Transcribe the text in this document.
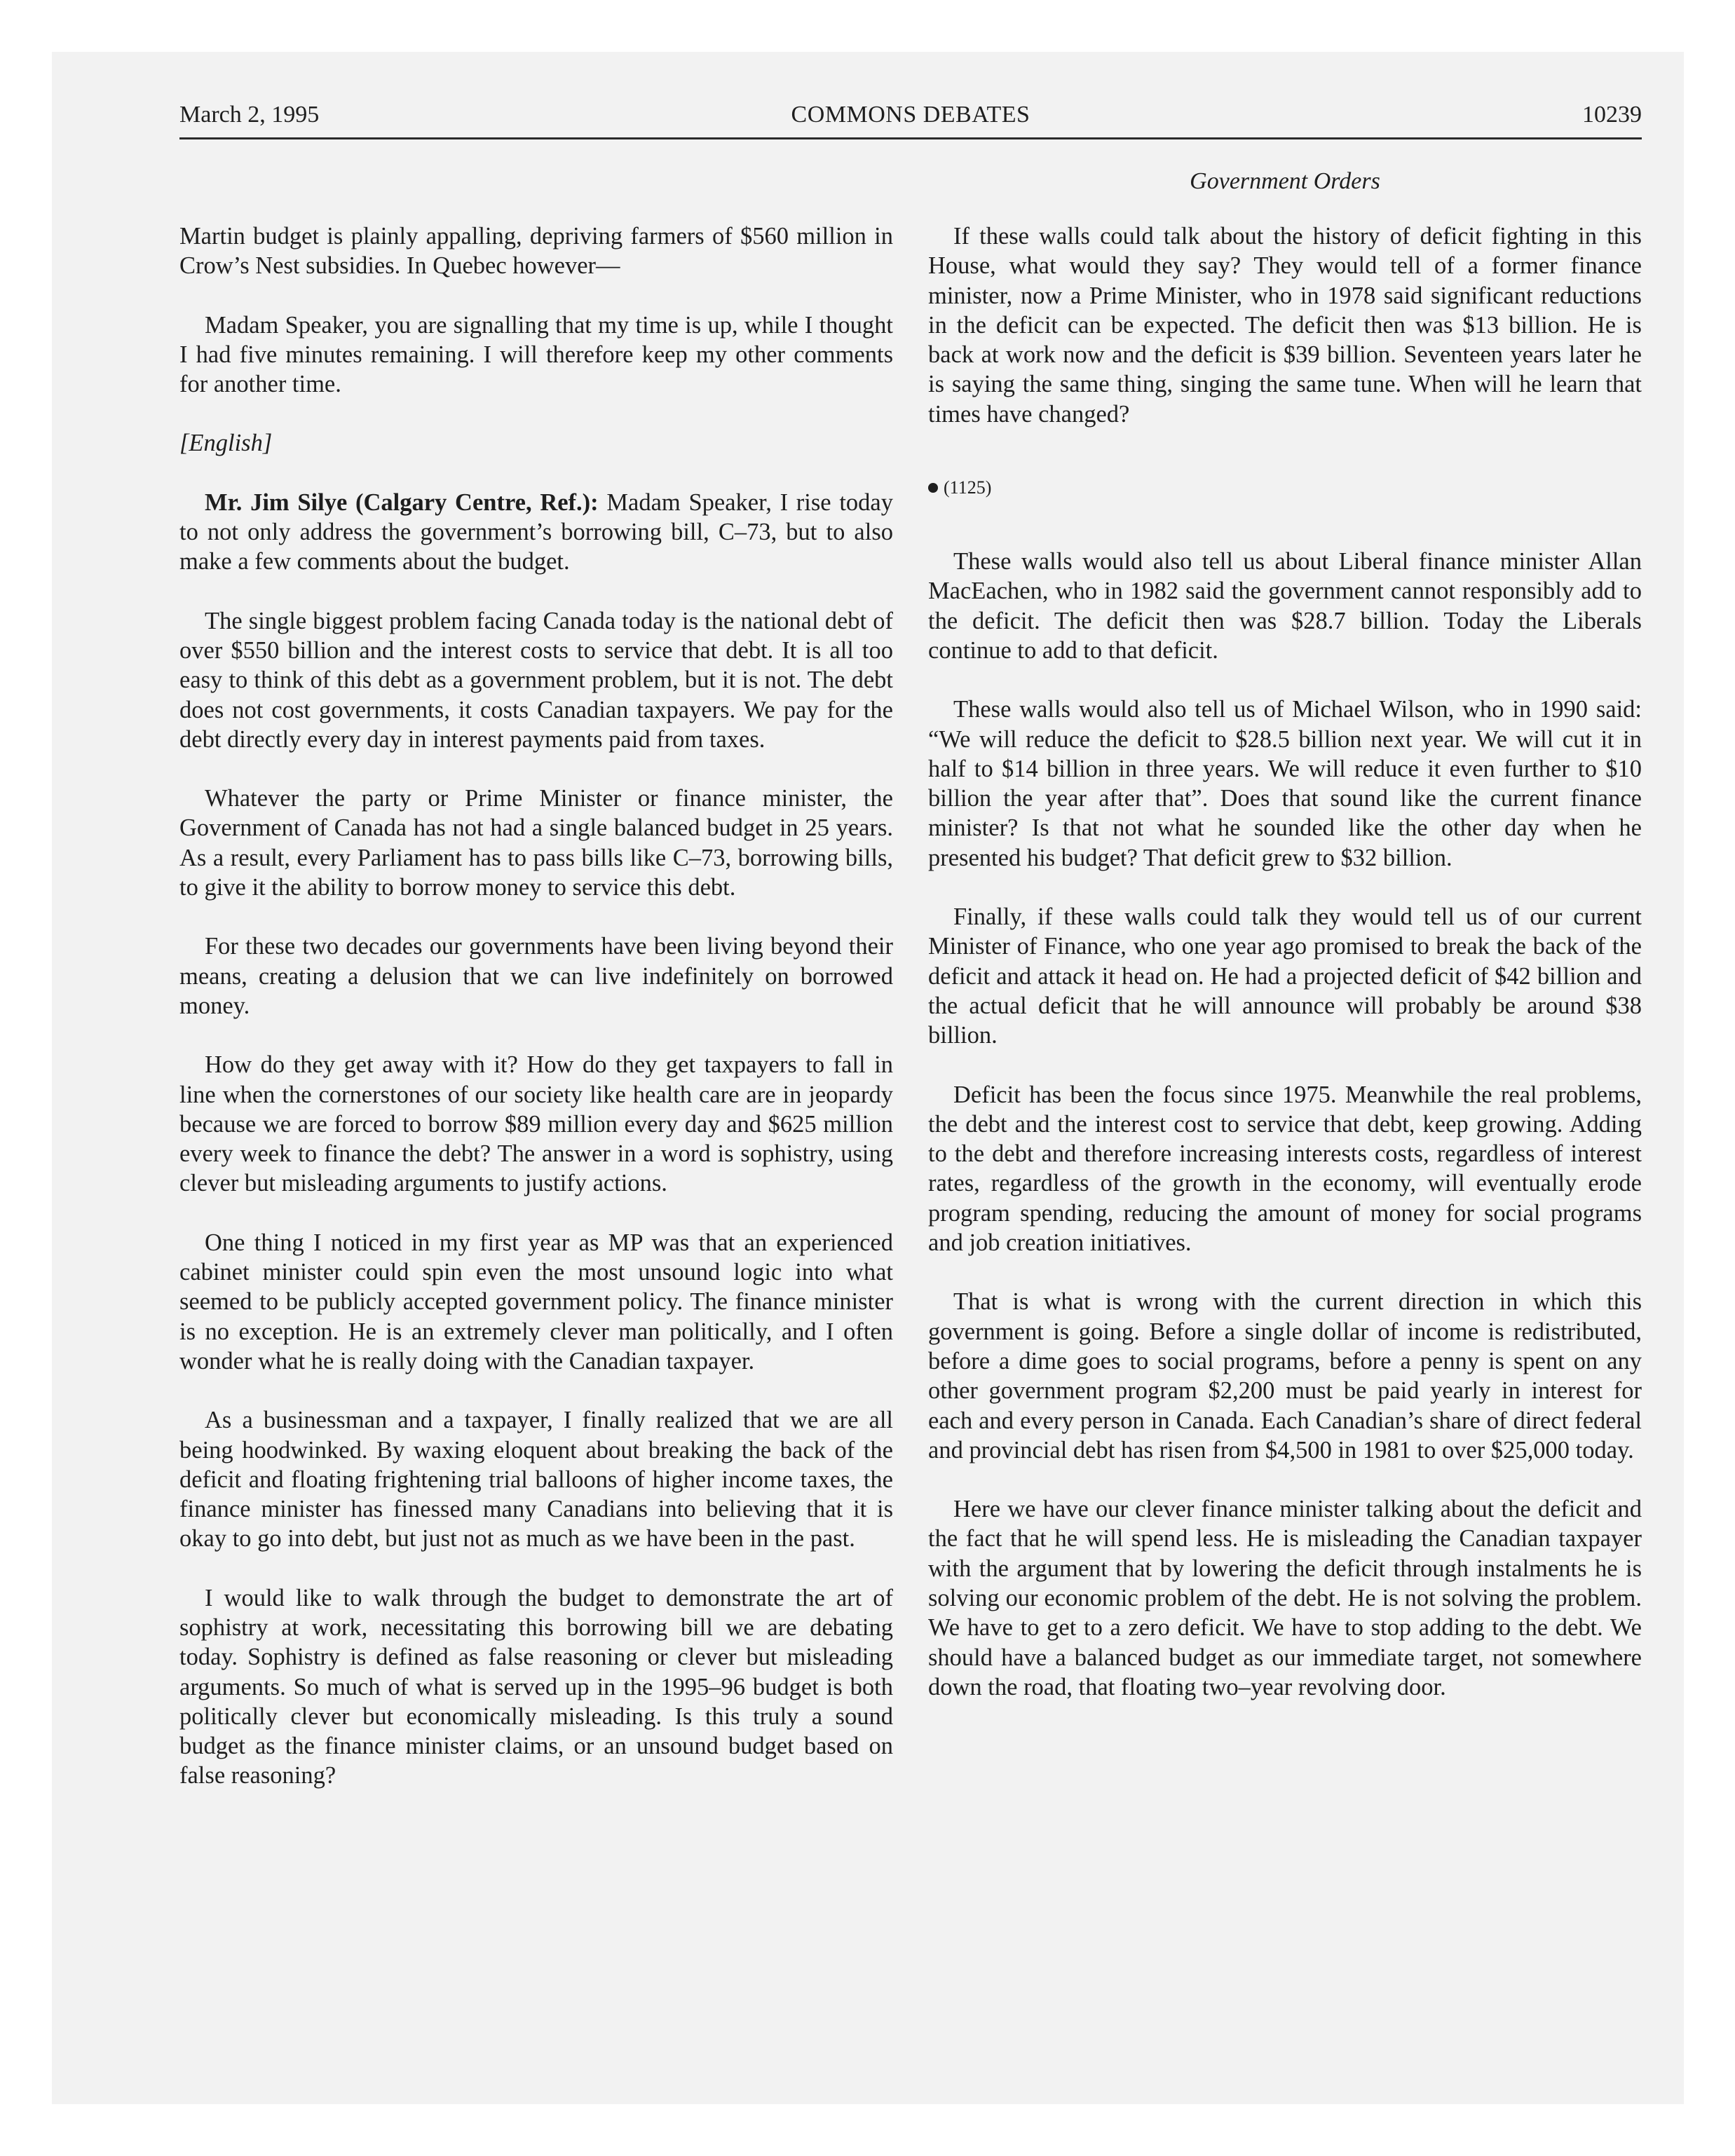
March 2, 1995	COMMONS DEBATES	10239
Government Orders

Martin budget is plainly appalling, depriving farmers of $560 million in Crow’s Nest subsidies. In Quebec however—

Madam Speaker, you are signalling that my time is up, while I thought I had five minutes remaining. I will therefore keep my other comments for another time.

[English]

Mr. Jim Silye (Calgary Centre, Ref.): Madam Speaker, I rise today to not only address the government’s borrowing bill, C–73, but to also make a few comments about the budget.

The single biggest problem facing Canada today is the national debt of over $550 billion and the interest costs to service that debt. It is all too easy to think of this debt as a government problem, but it is not. The debt does not cost governments, it costs Canadian taxpayers. We pay for the debt directly every day in interest payments paid from taxes.

Whatever the party or Prime Minister or finance minister, the Government of Canada has not had a single balanced budget in 25 years. As a result, every Parliament has to pass bills like C–73, borrowing bills, to give it the ability to borrow money to service this debt.

For these two decades our governments have been living beyond their means, creating a delusion that we can live indefinitely on borrowed money.

How do they get away with it? How do they get taxpayers to fall in line when the cornerstones of our society like health care are in jeopardy because we are forced to borrow $89 million every day and $625 million every week to finance the debt? The answer in a word is sophistry, using clever but misleading arguments to justify actions.

One thing I noticed in my first year as MP was that an experienced cabinet minister could spin even the most unsound logic into what seemed to be publicly accepted government policy. The finance minister is no exception. He is an extremely clever man politically, and I often wonder what he is really doing with the Canadian taxpayer.

As a businessman and a taxpayer, I finally realized that we are all being hoodwinked. By waxing eloquent about breaking the back of the deficit and floating frightening trial balloons of higher income taxes, the finance minister has finessed many Canadians into believing that it is okay to go into debt, but just not as much as we have been in the past.

I would like to walk through the budget to demonstrate the art of sophistry at work, necessitating this borrowing bill we are debating today. Sophistry is defined as false reasoning or clever but misleading arguments. So much of what is served up in the 1995–96 budget is both politically clever but economically misleading. Is this truly a sound budget as the finance minister claims, or an unsound budget based on false reasoning?

If these walls could talk about the history of deficit fighting in this House, what would they say? They would tell of a former finance minister, now a Prime Minister, who in 1978 said significant reductions in the deficit can be expected. The deficit then was $13 billion. He is back at work now and the deficit is $39 billion. Seventeen years later he is saying the same thing, singing the same tune. When will he learn that times have changed?

(1125)

These walls would also tell us about Liberal finance minister Allan MacEachen, who in 1982 said the government cannot responsibly add to the deficit. The deficit then was $28.7 billion. Today the Liberals continue to add to that deficit.

These walls would also tell us of Michael Wilson, who in 1990 said: “We will reduce the deficit to $28.5 billion next year. We will cut it in half to $14 billion in three years. We will reduce it even further to $10 billion the year after that”. Does that sound like the current finance minister? Is that not what he sounded like the other day when he presented his budget? That deficit grew to $32 billion.

Finally, if these walls could talk they would tell us of our current Minister of Finance, who one year ago promised to break the back of the deficit and attack it head on. He had a projected deficit of $42 billion and the actual deficit that he will announce will probably be around $38 billion.

Deficit has been the focus since 1975. Meanwhile the real problems, the debt and the interest cost to service that debt, keep growing. Adding to the debt and therefore increasing interests costs, regardless of interest rates, regardless of the growth in the economy, will eventually erode program spending, reducing the amount of money for social programs and job creation initiatives.

That is what is wrong with the current direction in which this government is going. Before a single dollar of income is redistributed, before a dime goes to social programs, before a penny is spent on any other government program $2,200 must be paid yearly in interest for each and every person in Canada. Each Canadian’s share of direct federal and provincial debt has risen from $4,500 in 1981 to over $25,000 today.

Here we have our clever finance minister talking about the deficit and the fact that he will spend less. He is misleading the Canadian taxpayer with the argument that by lowering the deficit through instalments he is solving our economic problem of the debt. He is not solving the problem. We have to get to a zero deficit. We have to stop adding to the debt. We should have a balanced budget as our immediate target, not somewhere down the road, that floating two–year revolving door.
